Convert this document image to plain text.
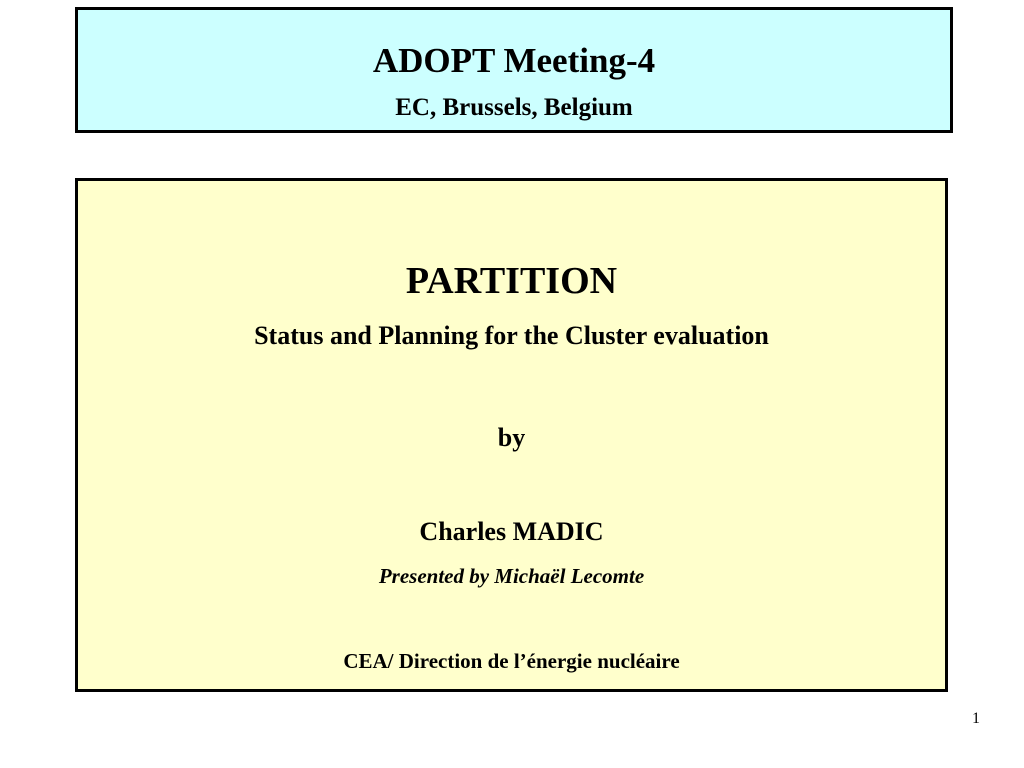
ADOPT Meeting-4
EC, Brussels, Belgium
PARTITION
Status and Planning for the Cluster evaluation
by
Charles MADIC
Presented by Michaël Lecomte
CEA/ Direction de l’énergie nucléaire
1
